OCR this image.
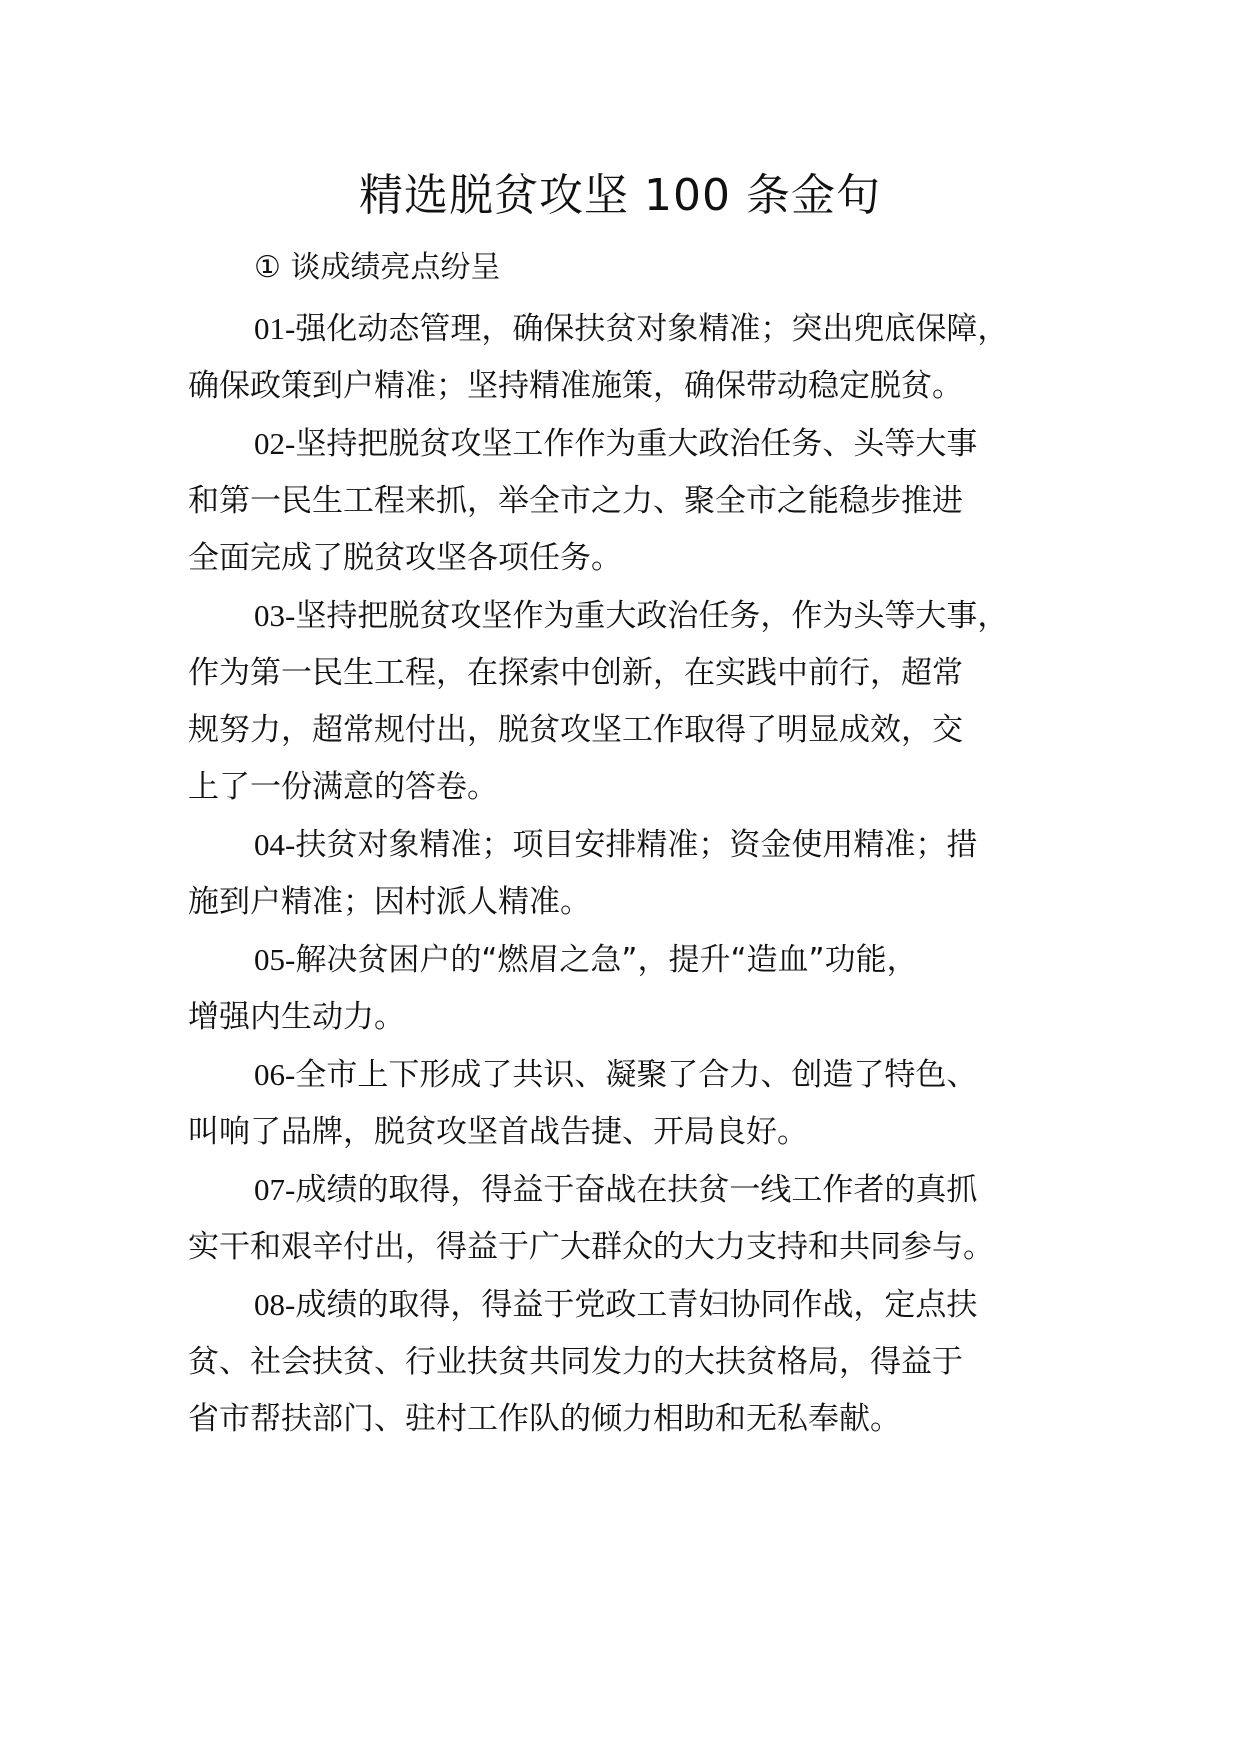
精选脱贫攻坚 100 条金句

① 谈成绩亮点纷呈

01-强化动态管理，确保扶贫对象精准；突出兜底保障，
确保政策到户精准；坚持精准施策，确保带动稳定脱贫。
02-坚持把脱贫攻坚工作作为重大政治任务、头等大事
和第一民生工程来抓，举全市之力、聚全市之能稳步推进
全面完成了脱贫攻坚各项任务。
03-坚持把脱贫攻坚作为重大政治任务，作为头等大事，
作为第一民生工程，在探索中创新，在实践中前行，超常
规努力，超常规付出，脱贫攻坚工作取得了明显成效，交
上了一份满意的答卷。
04-扶贫对象精准；项目安排精准；资金使用精准；措
施到户精准；因村派人精准。
05-解决贫困户的“燃眉之急”，提升“造血”功能，
增强内生动力。
06-全市上下形成了共识、凝聚了合力、创造了特色、
叫响了品牌，脱贫攻坚首战告捷、开局良好。
07-成绩的取得，得益于奋战在扶贫一线工作者的真抓
实干和艰辛付出，得益于广大群众的大力支持和共同参与。
08-成绩的取得，得益于党政工青妇协同作战，定点扶
贫、社会扶贫、行业扶贫共同发力的大扶贫格局，得益于
省市帮扶部门、驻村工作队的倾力相助和无私奉献。
